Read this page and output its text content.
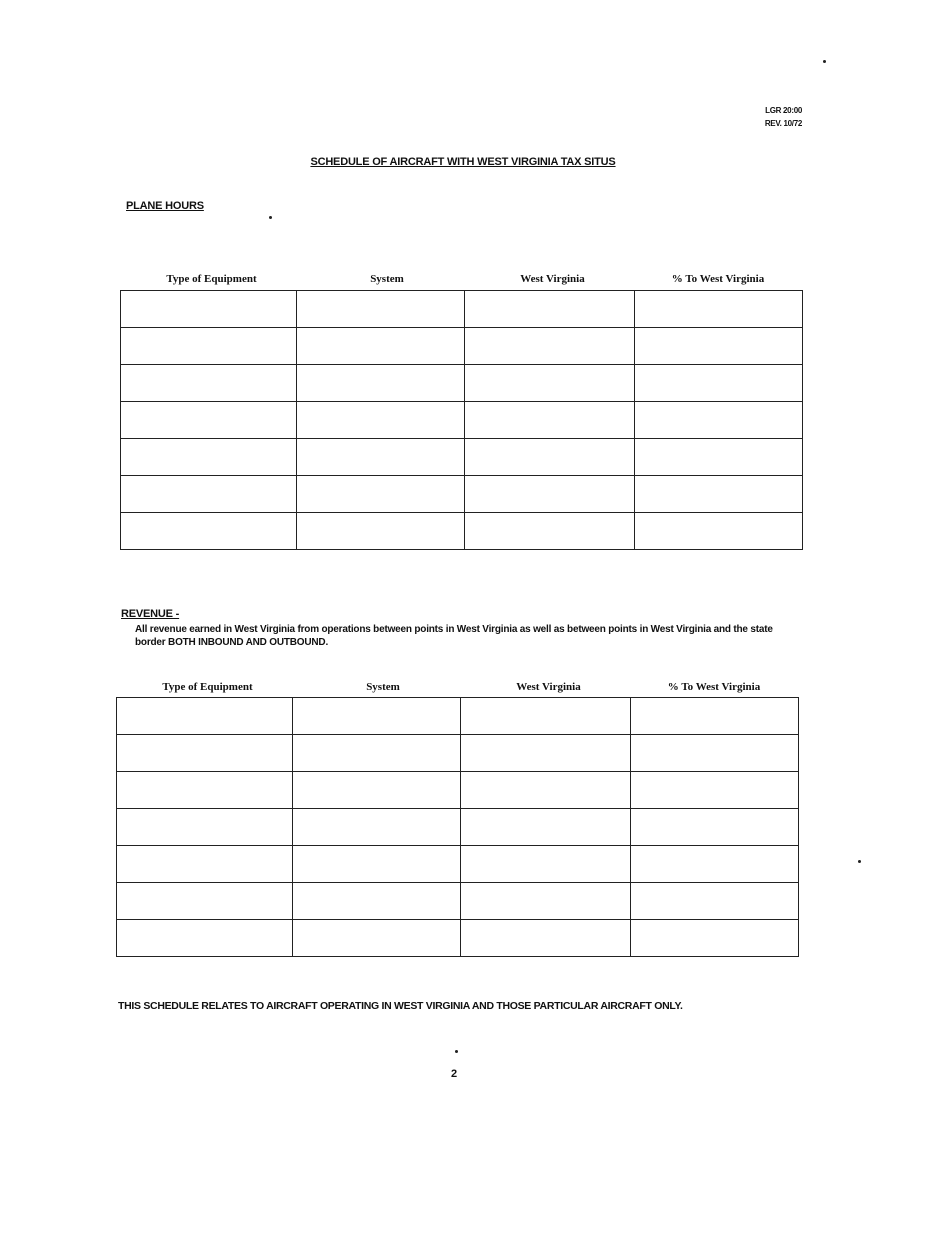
LGR 20:00
REV. 10/72
SCHEDULE OF AIRCRAFT WITH WEST VIRGINIA TAX SITUS
PLANE HOURS
Type of Equipment	System	West Virginia	% To West Virginia

REVENUE -
All revenue earned in West Virginia from operations between points in West Virginia as well as between points in West Virginia and the state border BOTH INBOUND AND OUTBOUND.
Type of Equipment	System	West Virginia	% To West Virginia

THIS SCHEDULE RELATES TO AIRCRAFT OPERATING IN WEST VIRGINIA AND THOSE PARTICULAR AIRCRAFT ONLY.
2
